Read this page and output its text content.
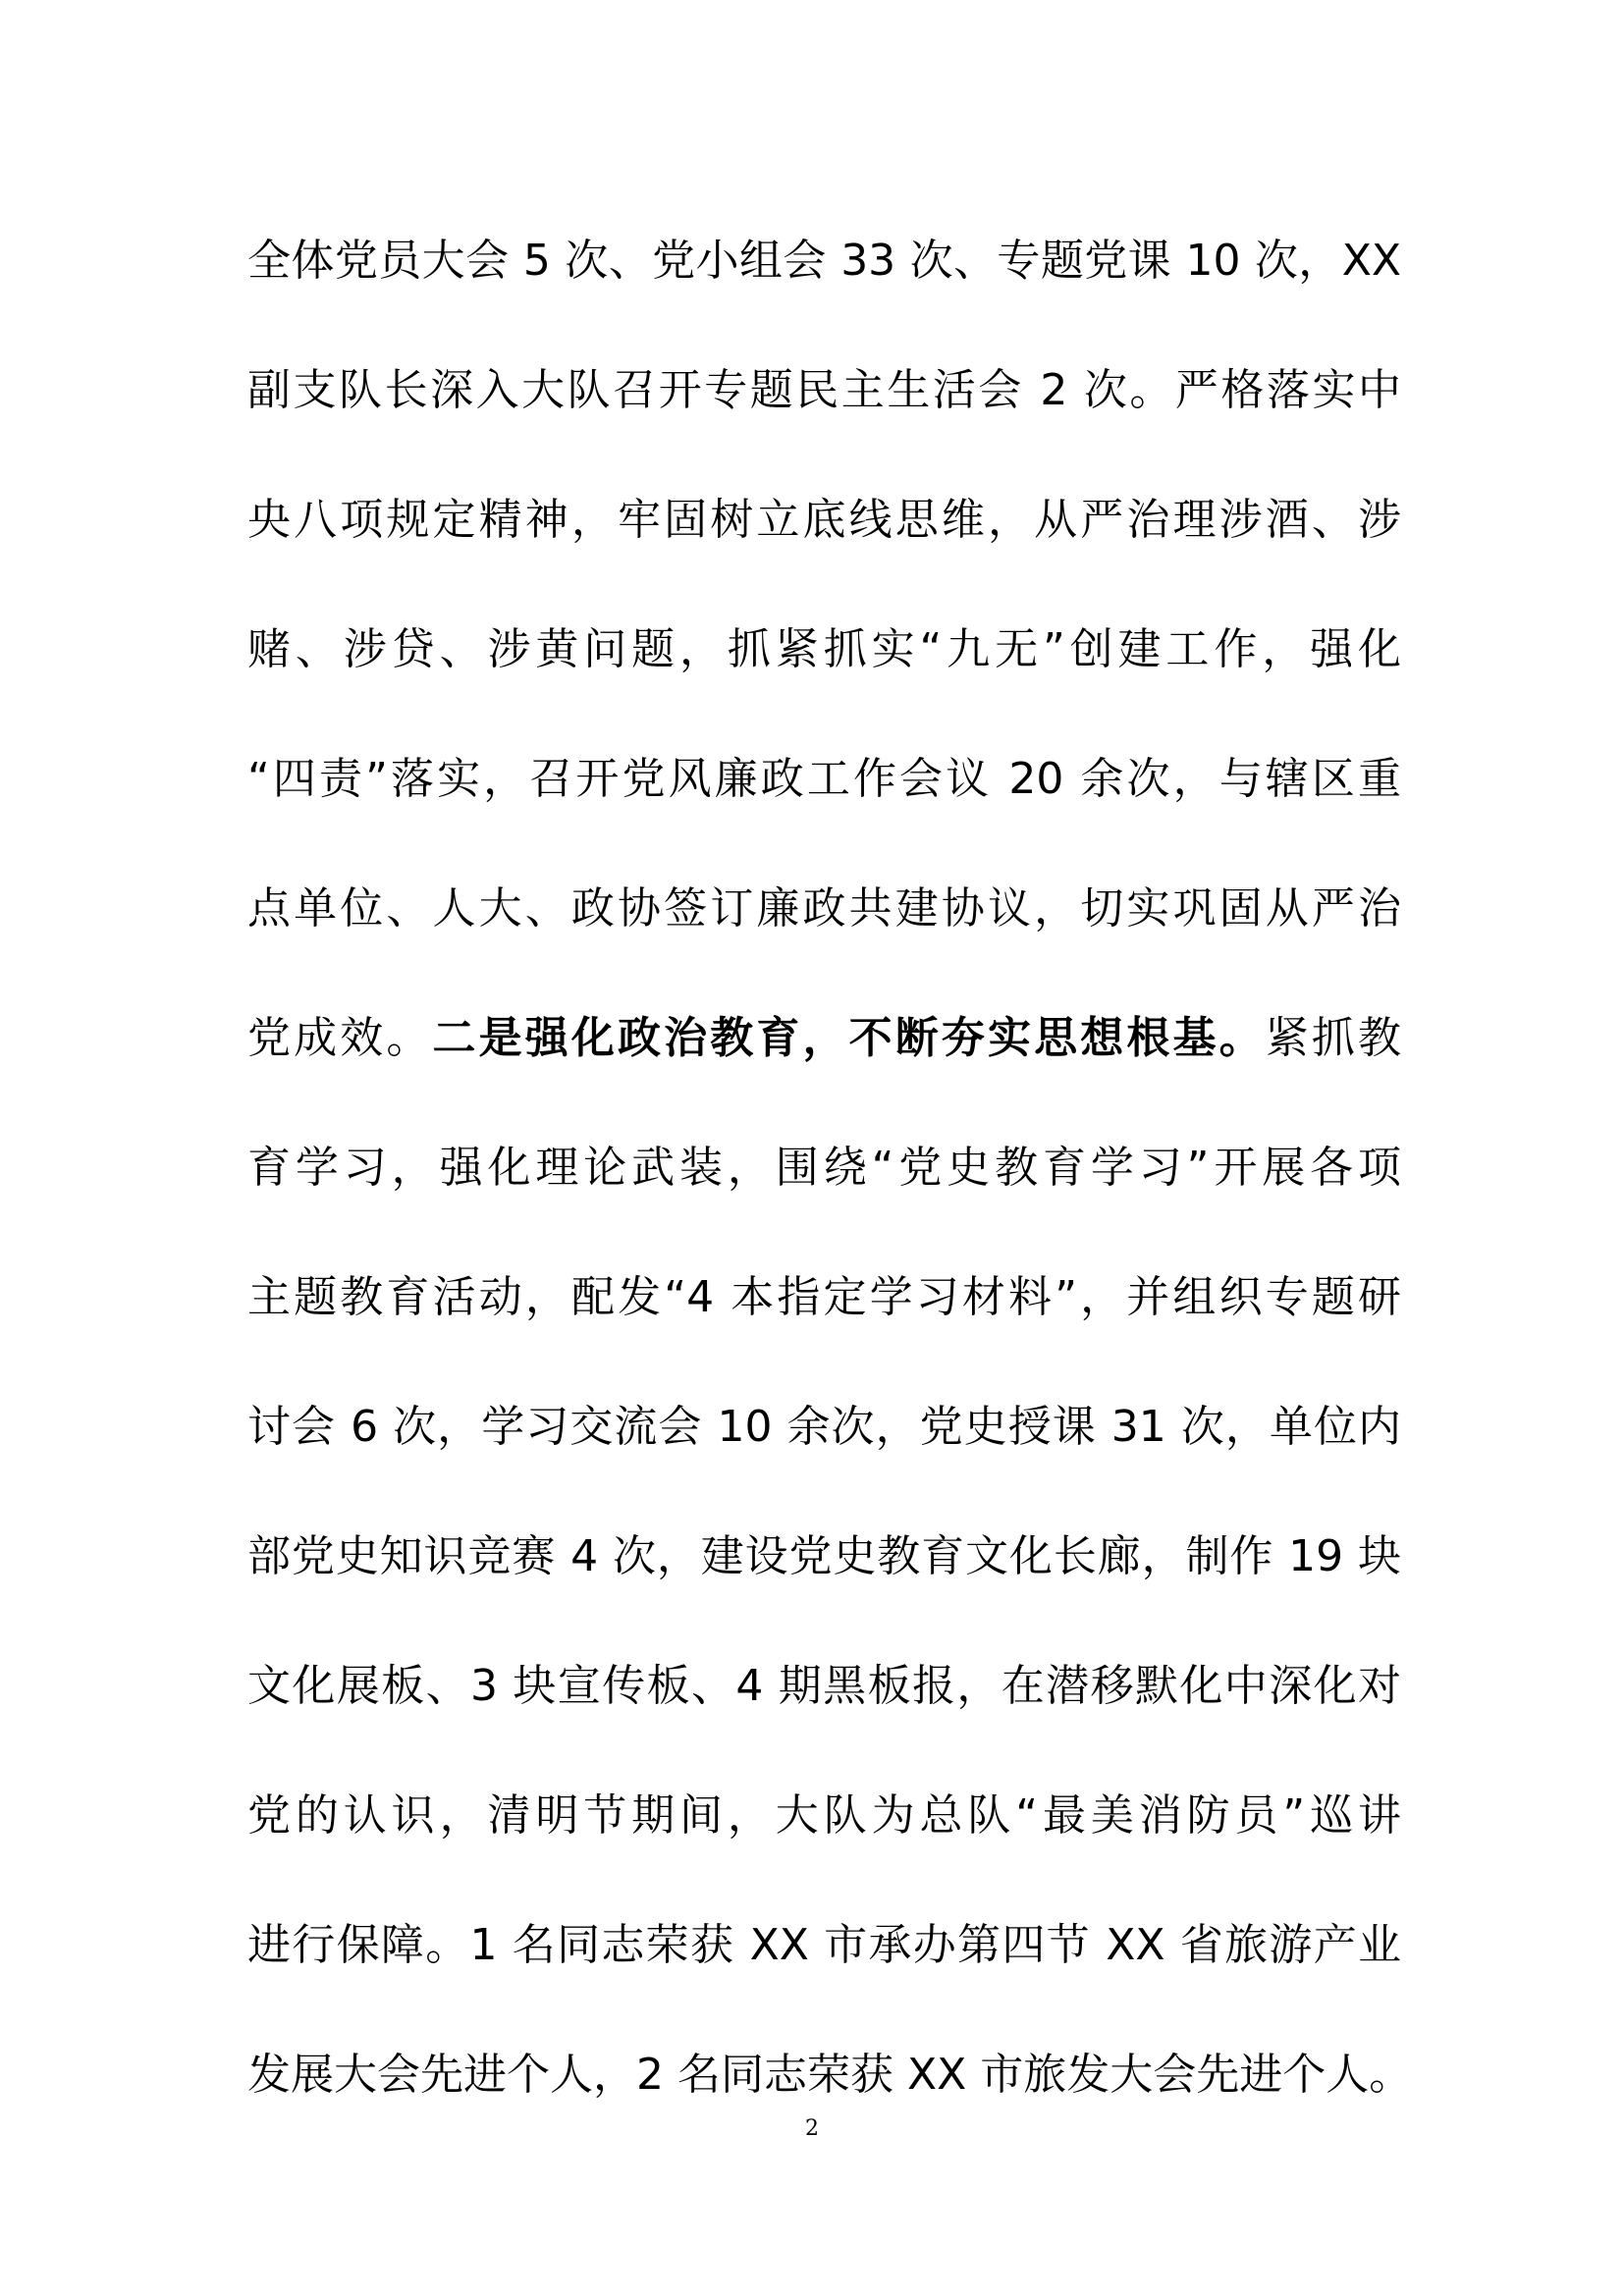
全体党员大会 5 次、党小组会 33 次、专题党课 10 次，XX
副支队长深入大队召开专题民主生活会 2 次。严格落实中
央八项规定精神，牢固树立底线思维，从严治理涉酒、涉
赌、涉贷、涉黄问题，抓紧抓实“九无”创建工作，强化
“四责”落实，召开党风廉政工作会议 20 余次，与辖区重
点单位、人大、政协签订廉政共建协议，切实巩固从严治
党成效。二是强化政治教育，不断夯实思想根基。紧抓教
育学习，强化理论武装，围绕“党史教育学习”开展各项
主题教育活动，配发“4 本指定学习材料”，并组织专题研
讨会 6 次，学习交流会 10 余次，党史授课 31 次，单位内
部党史知识竞赛 4 次，建设党史教育文化长廊，制作 19 块
文化展板、3 块宣传板、4 期黑板报，在潜移默化中深化对
党的认识，清明节期间，大队为总队“最美消防员”巡讲
进行保障。1 名同志荣获 XX 市承办第四节 XX 省旅游产业
发展大会先进个人，2 名同志荣获 XX 市旅发大会先进个人。
2
